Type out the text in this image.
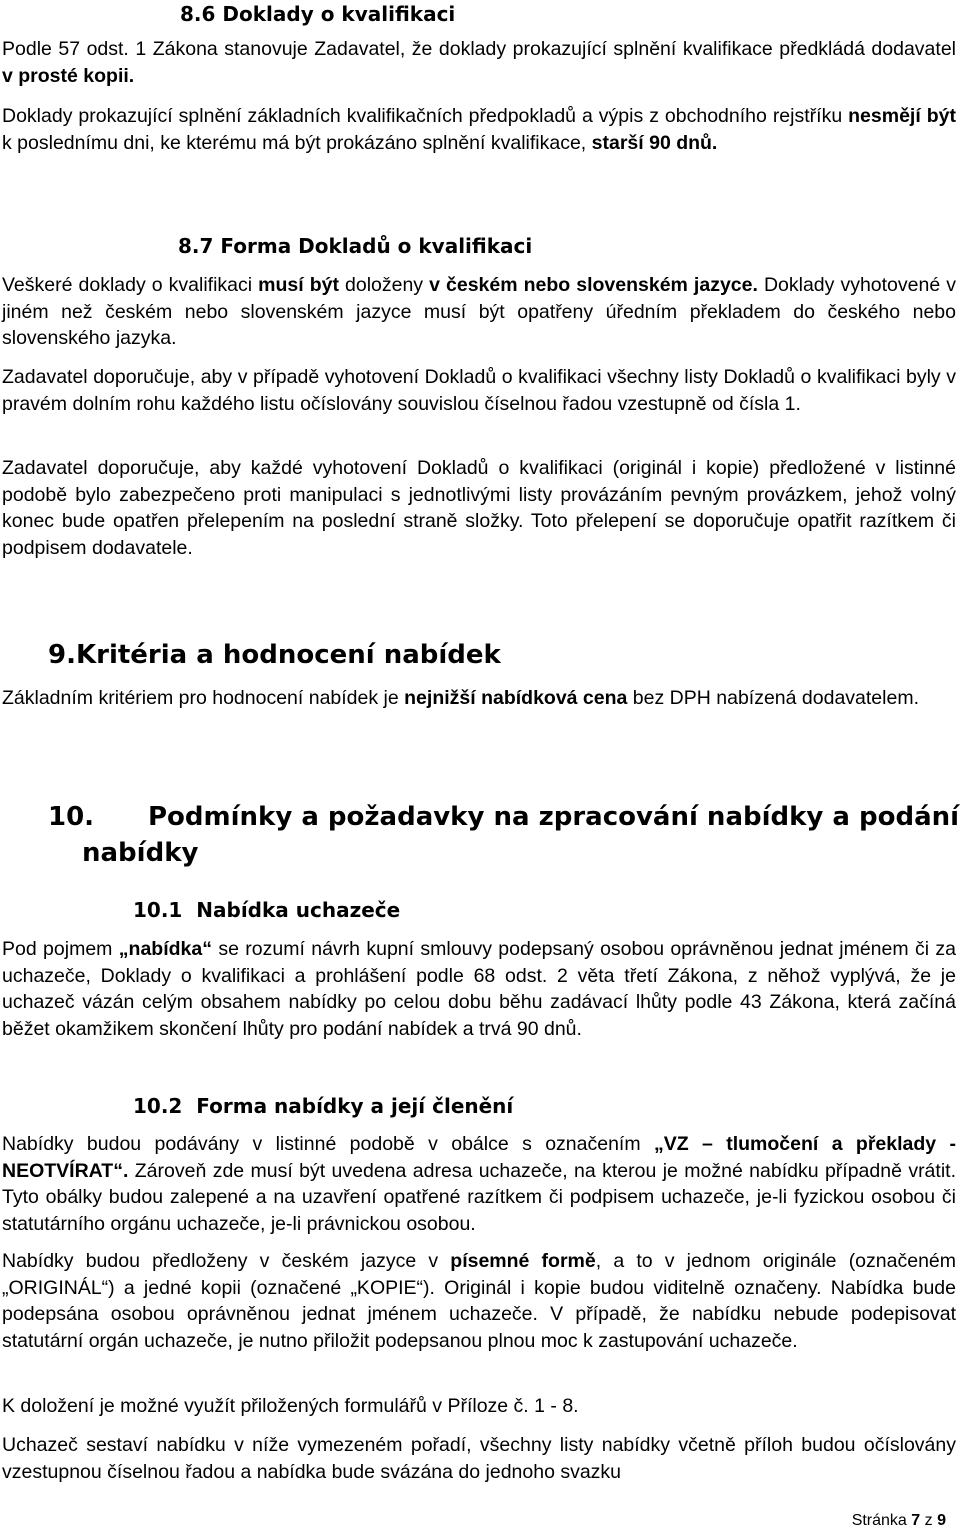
8.6 Doklady o kvalifikaci
Podle 57 odst. 1 Zákona stanovuje Zadavatel, že doklady prokazující splnění kvalifikace předkládá dodavatel v prosté kopii.
Doklady prokazující splnění základních kvalifikačních předpokladů a výpis z obchodního rejstříku nesmějí být k poslednímu dni, ke kterému má být prokázáno splnění kvalifikace, starší 90 dnů.
8.7 Forma Dokladů o kvalifikaci
Veškeré doklady o kvalifikaci musí být doloženy v českém nebo slovenském jazyce. Doklady vyhotovené v jiném než českém nebo slovenském jazyce musí být opatřeny úředním překladem do českého nebo slovenského jazyka.
Zadavatel doporučuje, aby v případě vyhotovení Dokladů o kvalifikaci všechny listy Dokladů o kvalifikaci byly v pravém dolním rohu každého listu očíslovány souvislou číselnou řadou vzestupně od čísla 1.
Zadavatel doporučuje, aby každé vyhotovení Dokladů o kvalifikaci (originál i kopie) předložené v listinné podobě bylo zabezpečeno proti manipulaci s jednotlivými listy provázáním pevným provázkem, jehož volný konec bude opatřen přelepením na poslední straně složky. Toto přelepení se doporučuje opatřit razítkem či podpisem dodavatele.
9.Kritéria a hodnocení nabídek
Základním kritériem pro hodnocení nabídek je nejnižší nabídková cena bez DPH nabízená dodavatelem.
10. Podmínky a požadavky na zpracování nabídky a podání
nabídky
10.1  Nabídka uchazeče
Pod pojmem „nabídka“ se rozumí návrh kupní smlouvy podepsaný osobou oprávněnou jednat jménem či za uchazeče, Doklady o kvalifikaci a prohlášení podle 68 odst. 2 věta třetí Zákona, z něhož vyplývá, že je uchazeč vázán celým obsahem nabídky po celou dobu běhu zadávací lhůty podle 43 Zákona, která začíná běžet okamžikem skončení lhůty pro podání nabídek a trvá 90 dnů.
10.2  Forma nabídky a její členění
Nabídky budou podávány v listinné podobě v obálce s označením „VZ – tlumočení a překlady - NEOTVÍRAT“. Zároveň zde musí být uvedena adresa uchazeče, na kterou je možné nabídku případně vrátit. Tyto obálky budou zalepené a na uzavření opatřené razítkem či podpisem uchazeče, je-li fyzickou osobou či statutárního orgánu uchazeče, je-li právnickou osobou.
Nabídky budou předloženy v českém jazyce v písemné formě, a to v jednom originále (označeném „ORIGINÁL“) a jedné kopii (označené „KOPIE“). Originál i kopie budou viditelně označeny. Nabídka bude podepsána osobou oprávněnou jednat jménem uchazeče. V případě, že nabídku nebude podepisovat statutární orgán uchazeče, je nutno přiložit podepsanou plnou moc k zastupování uchazeče.
K doložení je možné využít přiložených formulářů v Příloze č. 1 - 8.
Uchazeč sestaví nabídku v níže vymezeném pořadí, všechny listy nabídky včetně příloh budou očíslovány vzestupnou číselnou řadou a nabídka bude svázána do jednoho svazku
Stránka 7 z 9
